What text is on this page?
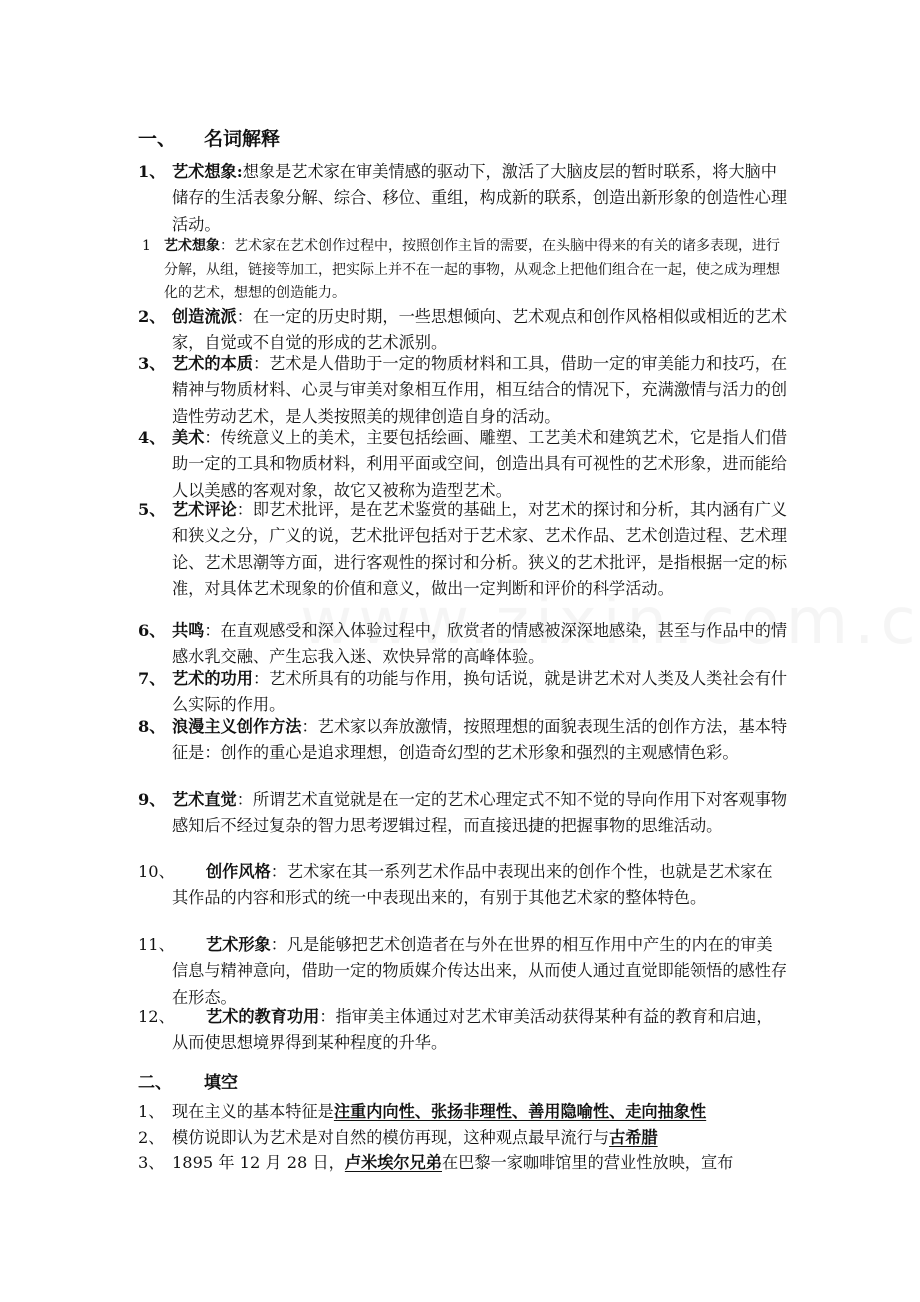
一、 名词解释
1、 艺术想象:想象是艺术家在审美情感的驱动下，激活了大脑皮层的暂时联系，将大脑中储存的生活表象分解、综合、移位、重组，构成新的联系，创造出新形象的创造性心理活动。
1 艺术想象：艺术家在艺术创作过程中，按照创作主旨的需要，在头脑中得来的有关的诸多表现，进行分解，从组，链接等加工，把实际上并不在一起的事物，从观念上把他们组合在一起，使之成为理想化的艺术，想想的创造能力。
2、 创造流派：在一定的历史时期，一些思想倾向、艺术观点和创作风格相似或相近的艺术家，自觉或不自觉的形成的艺术派别。
3、 艺术的本质：艺术是人借助于一定的物质材料和工具，借助一定的审美能力和技巧，在精神与物质材料、心灵与审美对象相互作用，相互结合的情况下，充满激情与活力的创造性劳动艺术，是人类按照美的规律创造自身的活动。
4、 美术：传统意义上的美术，主要包括绘画、雕塑、工艺美术和建筑艺术，它是指人们借助一定的工具和物质材料，利用平面或空间，创造出具有可视性的艺术形象，进而能给人以美感的客观对象，故它又被称为造型艺术。
5、 艺术评论：即艺术批评，是在艺术鉴赏的基础上，对艺术的探讨和分析，其内涵有广义和狭义之分，广义的说，艺术批评包括对于艺术家、艺术作品、艺术创造过程、艺术理论、艺术思潮等方面，进行客观性的探讨和分析。狭义的艺术批评，是指根据一定的标准，对具体艺术现象的价值和意义，做出一定判断和评价的科学活动。
6、 共鸣：在直观感受和深入体验过程中，欣赏者的情感被深深地感染，甚至与作品中的情感水乳交融、产生忘我入迷、欢快异常的高峰体验。
7、 艺术的功用：艺术所具有的功能与作用，换句话说，就是讲艺术对人类及人类社会有什么实际的作用。
8、 浪漫主义创作方法：艺术家以奔放激情，按照理想的面貌表现生活的创作方法，基本特征是：创作的重心是追求理想，创造奇幻型的艺术形象和强烈的主观感情色彩。
9、 艺术直觉：所谓艺术直觉就是在一定的艺术心理定式不知不觉的导向作用下对客观事物感知后不经过复杂的智力思考逻辑过程，而直接迅捷的把握事物的思维活动。
10、	创作风格：艺术家在其一系列艺术作品中表现出来的创作个性，也就是艺术家在其作品的内容和形式的统一中表现出来的，有别于其他艺术家的整体特色。
11、	艺术形象：凡是能够把艺术创造者在与外在世界的相互作用中产生的内在的审美信息与精神意向，借助一定的物质媒介传达出来，从而使人通过直觉即能领悟的感性存在形态。
12、	艺术的教育功用：指审美主体通过对艺术审美活动获得某种有益的教育和启迪，从而使思想境界得到某种程度的升华。
二、 填空
1、 现在主义的基本特征是注重内向性、张扬非理性、善用隐喻性、走向抽象性
2、 模仿说即认为艺术是对自然的模仿再现，这种观点最早流行与古希腊
3、 1895 年 12 月 28 日，卢米埃尔兄弟在巴黎一家咖啡馆里的营业性放映，宣布
